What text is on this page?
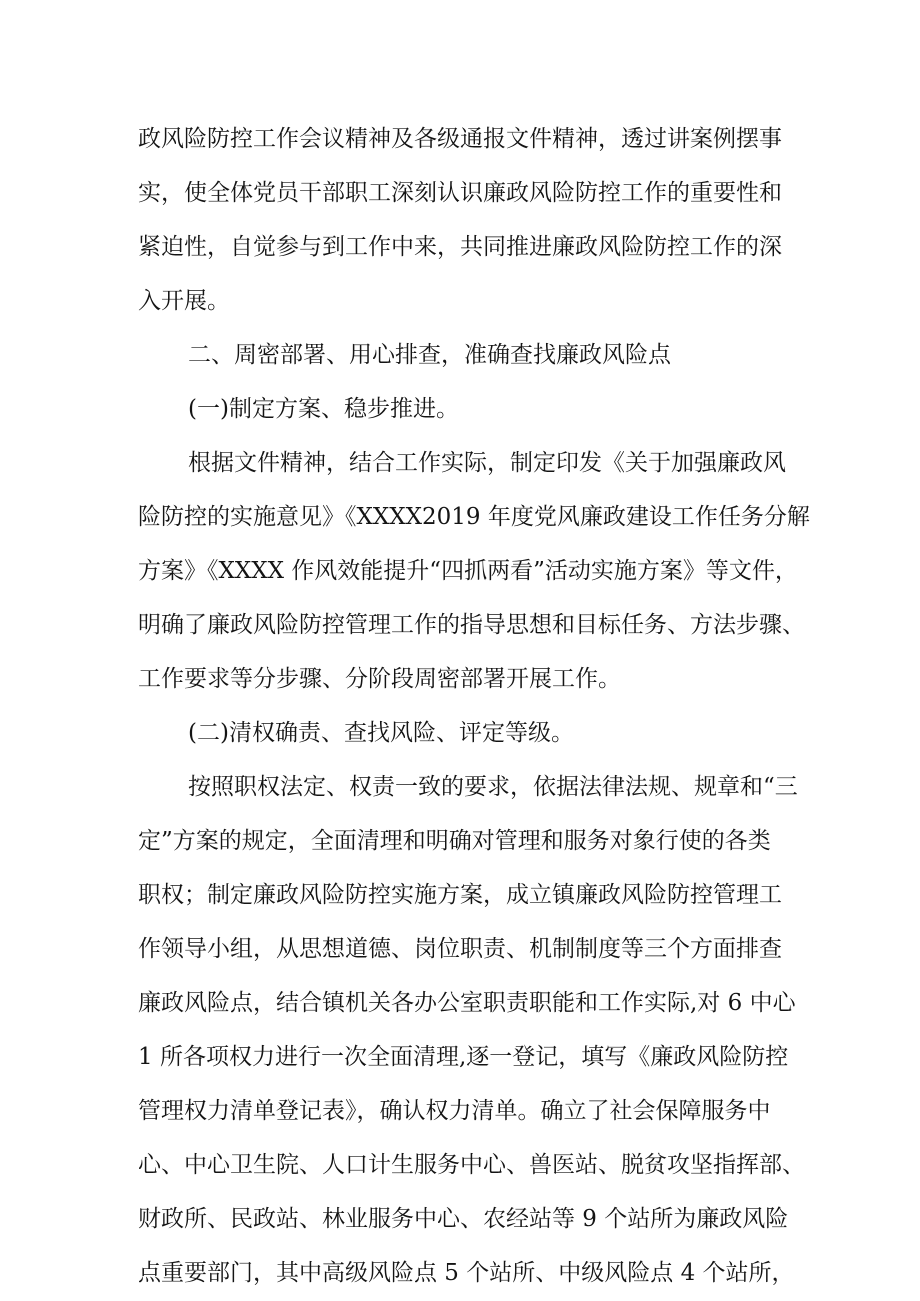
政风险防控工作会议精神及各级通报文件精神，透过讲案例摆事
实，使全体党员干部职工深刻认识廉政风险防控工作的重要性和
紧迫性，自觉参与到工作中来，共同推进廉政风险防控工作的深
入开展。
二、周密部署、用心排查，准确查找廉政风险点
(一)制定方案、稳步推进。
根据文件精神，结合工作实际，制定印发《关于加强廉政风
险防控的实施意见》《XXXX2019 年度党风廉政建设工作任务分解
方案》《XXXX 作风效能提升“四抓两看”活动实施方案》等文件，
明确了廉政风险防控管理工作的指导思想和目标任务、方法步骤、
工作要求等分步骤、分阶段周密部署开展工作。
(二)清权确责、查找风险、评定等级。
按照职权法定、权责一致的要求，依据法律法规、规章和“三
定”方案的规定，全面清理和明确对管理和服务对象行使的各类
职权；制定廉政风险防控实施方案，成立镇廉政风险防控管理工
作领导小组，从思想道德、岗位职责、机制制度等三个方面排查
廉政风险点，结合镇机关各办公室职责职能和工作实际,对 6 中心
1 所各项权力进行一次全面清理,逐一登记，填写《廉政风险防控
管理权力清单登记表》，确认权力清单。确立了社会保障服务中
心、中心卫生院、人口计生服务中心、兽医站、脱贫攻坚指挥部、
财政所、民政站、林业服务中心、农经站等 9 个站所为廉政风险
点重要部门，其中高级风险点 5 个站所、中级风险点 4 个站所，
